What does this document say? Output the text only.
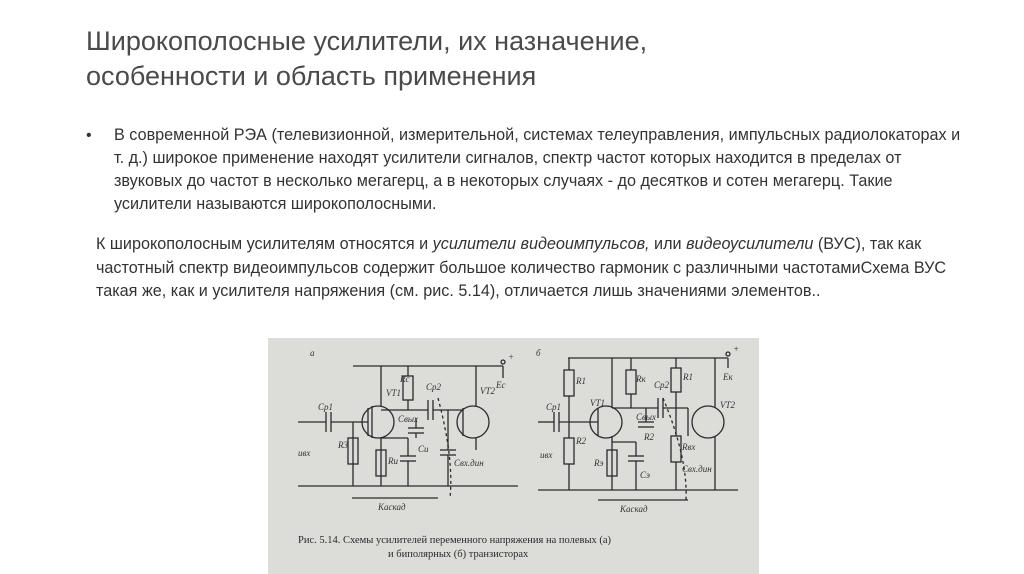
Широкополосные усилители, их назначение,
особенности и область применения
• В современной РЭА (телевизионной, измерительной, системах телеуправления, импульсных радиолокаторах и т. д.) широкое применение находят усилители сигналов, спектр частот которых находится в пределах от звуковых до частот в несколько мегагерц, а в некоторых случаях - до десятков и сотен мегагерц. Такие усилители называются широкополосными.
К широкополосным усилителям относятся и усилители видеоимпульсов, или видеоусилители (ВУС), так как частотный спектр видеоимпульсов содержит большое количество гармоник с различными частотамиСхема ВУС такая же, как и усилителя напряжения (см. рис. 5.14), отличается лишь значениями элементов..
а	+
Ec
VT1
Rc
Cр2	VT2
Cр1
Cвых
uвх
R3
Rи
Cи
Cвх.дин
Каскад
б	+
Eк
R1
VT1
Rк
Cр2
R1
VT2
Cр1
Cвых
uвх
R2	R2
Rвх
Rэ
Cэ
Cвх.дин
Каскад
Рис. 5.14. Схемы усилителей переменного напряжения на полевых (а)
и биполярных (б) транзисторах
